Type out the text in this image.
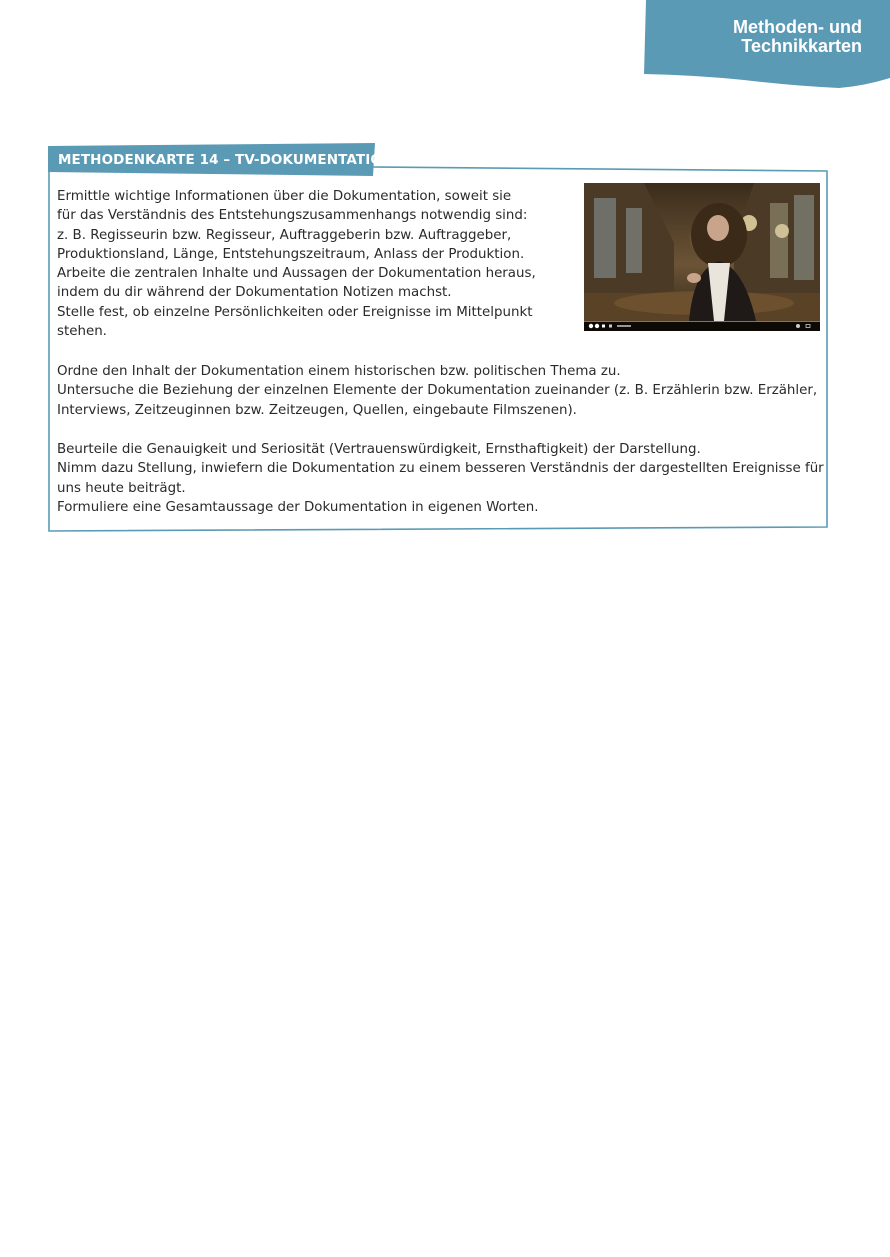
Methoden- und
Technikkarten
METHODENKARTE 14 – TV-DOKUMENTATION

Ermittle wichtige Informationen über die Dokumentation, soweit sie

für das Verständnis des Entstehungszusammenhangs notwendig sind:

z. B. Regisseurin bzw. Regisseur, Auftraggeberin bzw. Auftraggeber,

Produktionsland, Länge, Entstehungszeitraum, Anlass der Produktion.

Arbeite die zentralen Inhalte und Aussagen der Dokumentation heraus,

indem du dir während der Dokumentation Notizen machst.

Stelle fest, ob einzelne Persönlichkeiten oder Ereignisse im Mittelpunkt

stehen.

Ordne den Inhalt der Dokumentation einem historischen bzw. politischen Thema zu.

Untersuche die Beziehung der einzelnen Elemente der Dokumentation zueinander (z. B. Erzählerin bzw. Erzähler,

Interviews, Zeitzeuginnen bzw. Zeitzeugen, Quellen, eingebaute Filmszenen).

Beurteile die Genauigkeit und Seriosität (Vertrauenswürdigkeit, Ernsthaftigkeit) der Darstellung.

Nimm dazu Stellung, inwiefern die Dokumentation zu einem besseren Verständnis der dargestellten Ereignisse für

uns heute beiträgt.

Formuliere eine Gesamtaussage der Dokumentation in eigenen Worten.
